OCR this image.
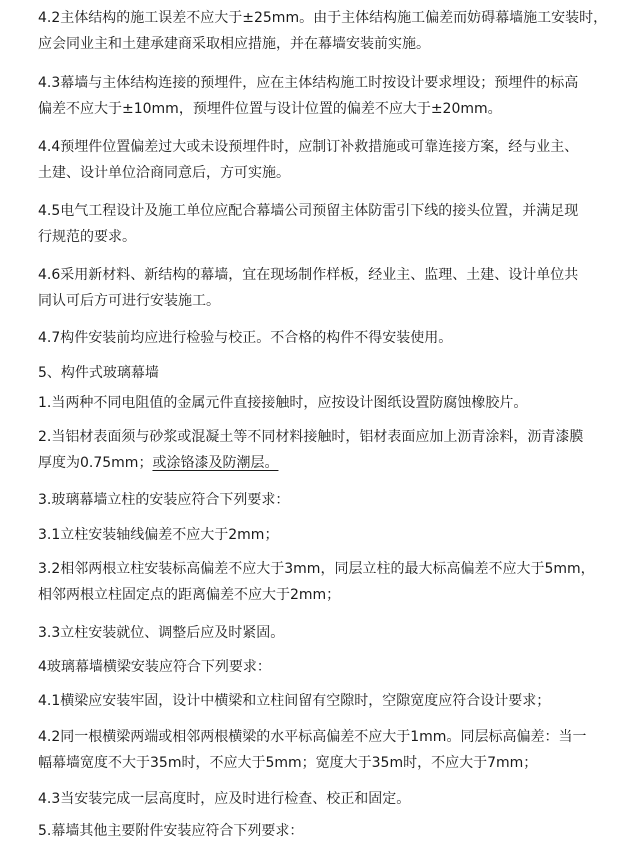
4.2主体结构的施工误差不应大于±25mm。由于主体结构施工偏差而妨碍幕墙施工安装时，
应会同业主和土建承建商采取相应措施，并在幕墙安装前实施。
4.3幕墙与主体结构连接的预埋件，应在主体结构施工时按设计要求埋设；预埋件的标高
偏差不应大于±10mm，预埋件位置与设计位置的偏差不应大于±20mm。
4.4预埋件位置偏差过大或未设预埋件时，应制订补救措施或可靠连接方案，经与业主、
土建、设计单位洽商同意后，方可实施。
4.5电气工程设计及施工单位应配合幕墙公司预留主体防雷引下线的接头位置，并满足现
行规范的要求。
4.6采用新材料、新结构的幕墙，宜在现场制作样板，经业主、监理、土建、设计单位共
同认可后方可进行安装施工。
4.7构件安装前均应进行检验与校正。不合格的构件不得安装使用。
5、构件式玻璃幕墙
1.当两种不同电阻值的金属元件直接接触时，应按设计图纸设置防腐蚀橡胶片。
2.当铝材表面须与砂浆或混凝土等不同材料接触时，铝材表面应加上沥青涂料，沥青漆膜
厚度为0.75mm；或涂铬漆及防潮层。
3.玻璃幕墙立柱的安装应符合下列要求：
3.1立柱安装轴线偏差不应大于2mm；
3.2相邻两根立柱安装标高偏差不应大于3mm，同层立柱的最大标高偏差不应大于5mm，
相邻两根立柱固定点的距离偏差不应大于2mm；
3.3立柱安装就位、调整后应及时紧固。
4玻璃幕墙横梁安装应符合下列要求：
4.1横梁应安装牢固，设计中横梁和立柱间留有空隙时，空隙宽度应符合设计要求；
4.2同一根横梁两端或相邻两根横梁的水平标高偏差不应大于1mm。同层标高偏差：当一
幅幕墙宽度不大于35m时，不应大于5mm；宽度大于35m时，不应大于7mm；
4.3当安装完成一层高度时，应及时进行检查、校正和固定。
5.幕墙其他主要附件安装应符合下列要求：
